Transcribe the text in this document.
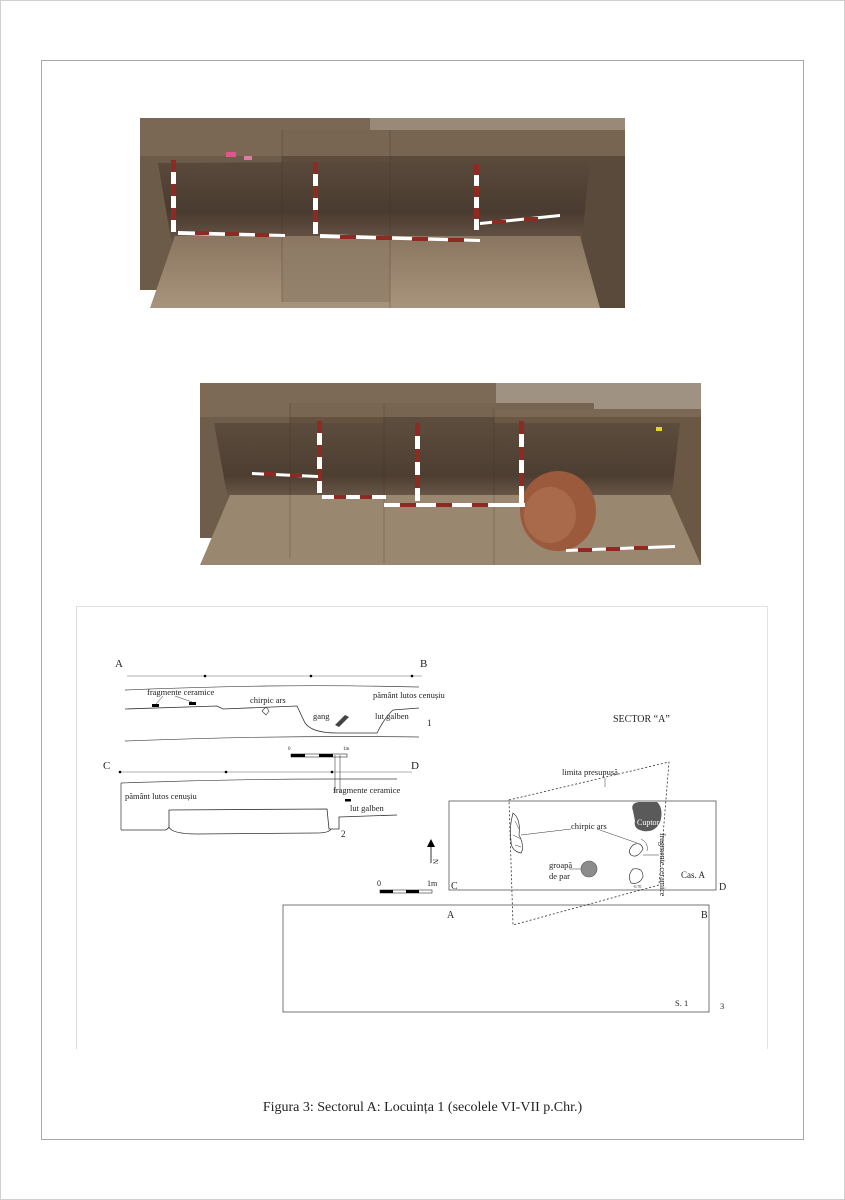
A	B
fragmente ceramice
chirpic ars	pământ lutos cenușiu
gang	lut galben
1	SECTOR “A”
0	1m
C	D
pământ lutos cenușiu
fragmente ceramice
lut galben
2
limita presupusă
Cuptor
chirpic ars
fragmente ceramice
groapă
de par
-0.70
C	D
Cas. A
A	B
S. 1	3
N
0	1m
Figura 3: Sectorul A: Locuința 1 (secolele VI-VII p.Chr.)
